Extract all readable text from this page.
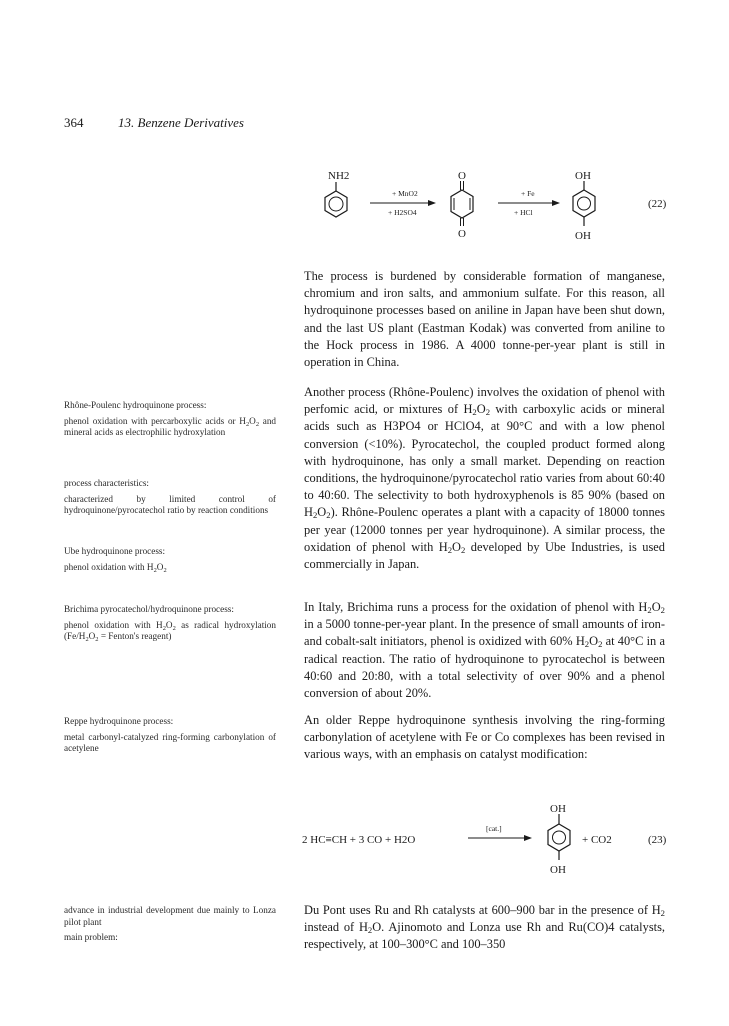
364	13. Benzene Derivatives
NH2
+ MnO2
+ H2SO4
O
O
+ Fe
+ HCl
OH
OH
(22)
The process is burdened by considerable formation of manganese, chromium and iron salts, and ammonium sulfate. For this reason, all hydroquinone processes based on aniline in Japan have been shut down, and the last US plant (Eastman Kodak) was converted from aniline to the Hock process in 1986. A 4000 tonne-per-year plant is still in operation in China.
Another process (Rhône-Poulenc) involves the oxidation of phenol with perfomic acid, or mixtures of $H_2O_2$ with carboxylic acids or mineral acids such as H3PO4 or HClO4, at 90°C and with a low phenol conversion (<10%). Pyrocatechol, the coupled product formed along with hydroquinone, has only a small market. Depending on reaction conditions, the hydroquinone/pyrocatechol ratio varies from about 60:40 to 40:60. The selectivity to both hydroxyphenols is 85 90% (based on $H_2O_2$). Rhône-Poulenc operates a plant with a capacity of 18000 tonnes per year (12000 tonnes per year hydroquinone). A similar process, the oxidation of phenol with $H_2O_2$ developed by Ube Industries, is used commercially in Japan.
In Italy, Brichima runs a process for the oxidation of phenol with $H_2O_2$ in a 5000 tonne-per-year plant. In the presence of small amounts of iron- and cobalt-salt initiators, phenol is oxidized with 60% $H_2O_2$ at 40°C in a radical reaction. The ratio of hydroquinone to pyrocatechol is between 40:60 and 20:80, with a total selectivity of over 90% and a phenol conversion of about 20%.
An older Reppe hydroquinone synthesis involving the ring-forming carbonylation of acetylene with Fe or Co complexes has been revised in various ways, with an emphasis on catalyst modification:
2 HC≡CH + 3 CO + H2O
[cat.]
OH
OH
+ CO2	(23)
Du Pont uses Ru and Rh catalysts at 600–900 bar in the presence of $H_2$ instead of $H_2O$. Ajinomoto and Lonza use Rh and Ru(CO)4 catalysts, respectively, at 100–300°C and 100–350

Rhône-Poulenc hydroquinone process:

phenol oxidation with percarboxylic acids or $H_2O_2$ and mineral acids as electrophilic hydroxylation

process characteristics:

characterized by limited control of hydroquinone/pyrocatechol ratio by reaction conditions

Ube hydroquinone process:

phenol oxidation with $H_2O_2$

Brichima pyrocatechol/hydroquinone process:

phenol oxidation with $H_2O_2$ as radical hydroxylation ($Fe/H_2O_2$ = Fenton's reagent)

Reppe hydroquinone process:

metal carbonyl-catalyzed ring-forming carbonylation of acetylene

advance in industrial development due mainly to Lonza pilot plant

main problem:
